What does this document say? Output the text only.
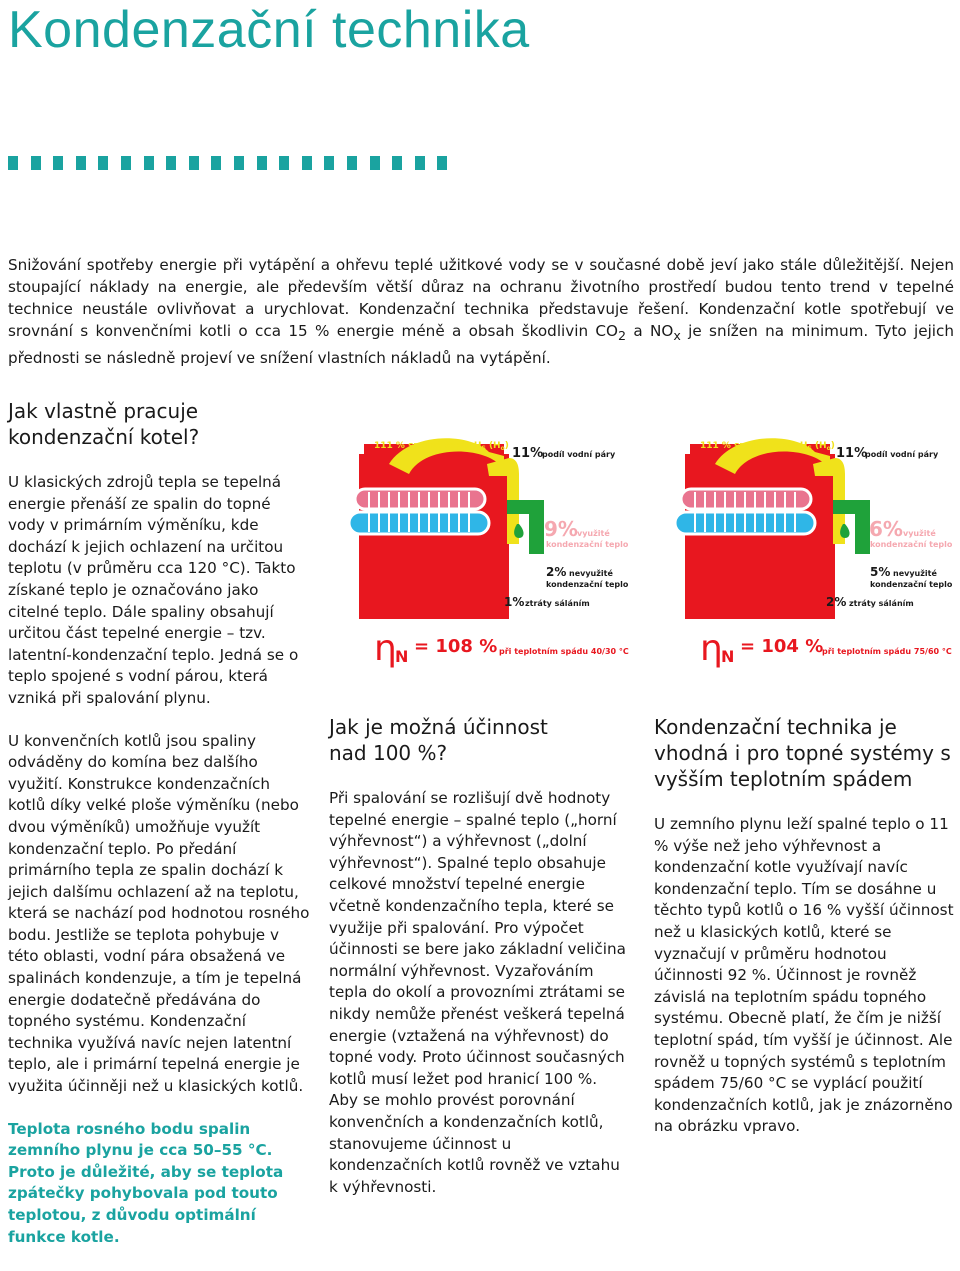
Kondenzační technika

Snižování spotřeby energie při vytápění a ohřevu teplé užitkové vody se v současné době jeví jako stále důležitější. Nejen stoupající náklady na energie, ale především větší důraz na ochranu životního prostředí budou tento trend v tepelné technice neustále ovlivňovat a urychlovat. Kondenzační technika představuje řešení. Kondenzační kotle spotřebují ve srovnání s konvenčními kotli o cca 15 % energie méně a obsah škodlivin $CO_2$ a $NO_x$ je snížen na minimum. Tyto jejich přednosti se následně projeví ve snížení vlastních nákladů na vytápění.

Jak vlastně pracuje kondenzační kotel?

U klasických zdrojů tepla se tepelná energie přenáší ze spalin do topné vody v primárním výměníku, kde dochází k jejich ochlazení na určitou teplotu (v průměru cca 120 °C). Takto získané teplo je označováno jako citelné teplo. Dále spaliny obsahují určitou část tepelné energie – tzv. latentní-kondenzační teplo. Jedná se o teplo spojené s vodní párou, která vzniká při spalování plynu.

U konvenčních kotlů jsou spaliny odváděny do komína bez dalšího využití. Konstrukce kondenzačních kotlů díky velké ploše výměníku (nebo dvou výměníků) umožňuje využít kondenzační teplo. Po předání primárního tepla ze spalin dochází k jejich dalšímu ochlazení až na teplotu, která se nachází pod hodnotou rosného bodu. Jestliže se teplota pohybuje v této oblasti, vodní pára obsažená ve spalinách kondenzuje, a tím je tepelná energie dodatečně předávána do topného systému. Kondenzační technika využívá navíc nejen latentní teplo, ale i primární tepelná energie je využita účinněji než u klasických kotlů.

Teplota rosného bodu spalin zemního plynu je cca 50–55 °C. Proto je důležité, aby se teplota zpátečky pohybovala pod touto teplotou, z důvodu optimální funkce kotle.

Jak je možná účinnost nad 100 %?

Při spalování se rozlišují dvě hodnoty tepelné energie – spalné teplo („horní výhřevnost“) a výhřevnost („dolní výhřevnost“). Spalné teplo obsahuje celkové množství tepelné energie včetně kondenzačního tepla, které se využije při spalování. Pro výpočet účinnosti se bere jako základní veličina normální výhřevnost. Vyzařováním tepla do okolí a provozními ztrátami se nikdy nemůže přenést veškerá tepelná energie (vztažená na výhřevnost) do topné vody. Proto účinnost současných kotlů musí ležet pod hranicí 100 %. Aby se mohlo provést porovnání konvenčních a kondenzačních kotlů, stanovujeme účinnost u kondenzačních kotlů rovněž ve vztahu k výhřevnosti.

Kondenzační technika je vhodná i pro topné systémy s vyšším teplotním spádem

U zemního plynu leží spalné teplo o 11 % výše než jeho výhřevnost a kondenzační kotle využívají navíc kondenzační teplo. Tím se dosáhne u těchto typů kotlů o 16 % vyšší účinnost než u klasických kotlů, které se vyznačují v průměru hodnotou účinnosti 92 %. Účinnost je rovněž závislá na teplotním spádu topného systému. Obecně platí, že čím je nižší teplotní spád, tím vyšší je účinnost. Ale rovněž u topných systémů s teplotním spádem 75/60 °C se vyplácí použití kondenzačních kotlů, jak je znázorněno na obrázku vpravo.

111 % spalné teplo $H_S$ $(H_o)$ 11%
podíl vodní páry
9% využité
kondenzační teplo
2% nevyužité
kondenzační teplo
1% ztráty sáláním
η
N = 108 % při teplotním spádu 40/30 °C
111 % spalné teplo $H_S$ $(H_o)$ 11%
podíl vodní páry
6% využité
kondenzační teplo
5% nevyužité
kondenzační teplo
2% ztráty sáláním
η
N = 104 %
při teplotním spádu 75/60 °C
